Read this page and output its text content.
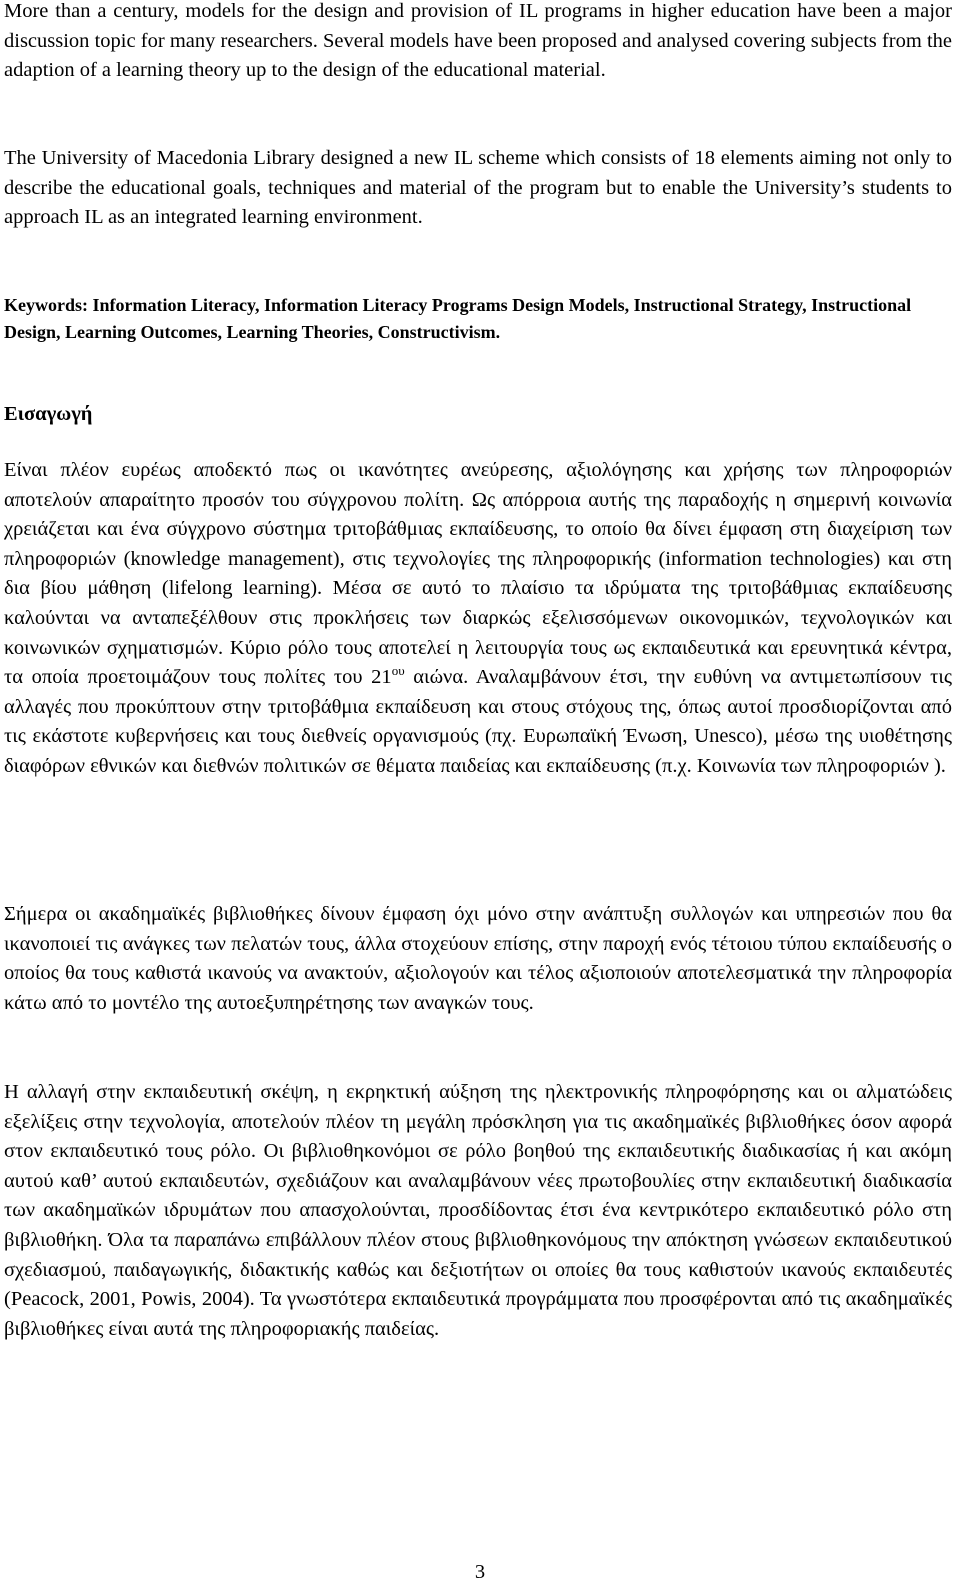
More than a century, models for the design and provision of IL programs in higher education have been a major discussion topic for many researchers. Several models have been proposed and analysed covering subjects from the adaption of a learning theory up to the design of the educational material.

The University of Macedonia Library designed a new IL scheme which consists of 18 elements aiming not only to describe the educational goals, techniques and material of the program but to enable the University’s students to approach IL as an integrated learning environment.

Keywords: Information Literacy, Information Literacy Programs Design Models, Instructional Strategy, Instructional Design, Learning Outcomes, Learning Theories, Constructivism.

Εισαγωγή

Είναι πλέον ευρέως αποδεκτό πως οι ικανότητες ανεύρεσης, αξιολόγησης και χρήσης των πληροφοριών αποτελούν απαραίτητο προσόν του σύγχρονου πολίτη. Ως απόρροια αυτής της παραδοχής η σημερινή κοινωνία χρειάζεται και ένα σύγχρονο σύστημα τριτοβάθμιας εκπαίδευσης, το οποίο θα δίνει έμφαση στη διαχείριση των πληροφοριών (knowledge management), στις τεχνολογίες της πληροφορικής (information technologies) και στη δια βίου μάθηση (lifelong learning). Μέσα σε αυτό το πλαίσιο τα ιδρύματα της τριτοβάθμιας εκπαίδευσης καλούνται να ανταπεξέλθουν στις προκλήσεις των διαρκώς εξελισσόμενων οικονομικών, τεχνολογικών και κοινωνικών σχηματισμών. Κύριο ρόλο τους αποτελεί η λειτουργία τους ως εκπαιδευτικά και ερευνητικά κέντρα, τα οποία προετοιμάζουν τους πολίτες του $21^{o\upsilon}$ αιώνα. Αναλαμβάνουν έτσι, την ευθύνη να αντιμετωπίσουν τις αλλαγές που προκύπτουν στην τριτοβάθμια εκπαίδευση και στους στόχους της, όπως αυτοί προσδιορίζονται από τις εκάστοτε κυβερνήσεις και τους διεθνείς οργανισμούς (πχ. Ευρωπαϊκή Ένωση, Unesco), μέσω της υιοθέτησης διαφόρων εθνικών και διεθνών πολιτικών σε θέματα παιδείας και εκπαίδευσης (π.χ. Κοινωνία των πληροφοριών ).

Σήμερα οι ακαδημαϊκές βιβλιοθήκες δίνουν έμφαση όχι μόνο στην ανάπτυξη συλλογών και υπηρεσιών που θα ικανοποιεί τις ανάγκες των πελατών τους, άλλα στοχεύουν επίσης, στην παροχή ενός τέτοιου τύπου εκπαίδευσής ο οποίος θα τους καθιστά ικανούς να ανακτούν, αξιολογούν και τέλος αξιοποιούν αποτελεσματικά την πληροφορία κάτω από το μοντέλο της αυτοεξυπηρέτησης των αναγκών τους.

Η αλλαγή στην εκπαιδευτική σκέψη, η εκρηκτική αύξηση της ηλεκτρονικής πληροφόρησης και οι αλματώδεις εξελίξεις στην τεχνολογία, αποτελούν πλέον τη μεγάλη πρόσκληση για τις ακαδημαϊκές βιβλιοθήκες όσον αφορά στον εκπαιδευτικό τους ρόλο. Οι βιβλιοθηκονόμοι σε ρόλο βοηθού της εκπαιδευτικής διαδικασίας ή και ακόμη αυτού καθ’ αυτού εκπαιδευτών, σχεδιάζουν και αναλαμβάνουν νέες πρωτοβουλίες στην εκπαιδευτική διαδικασία των ακαδημαϊκών ιδρυμάτων που απασχολούνται, προσδίδοντας έτσι ένα κεντρικότερο εκπαιδευτικό ρόλο στη βιβλιοθήκη. Όλα τα παραπάνω επιβάλλουν πλέον στους βιβλιοθηκονόμους την απόκτηση γνώσεων εκπαιδευτικού σχεδιασμού, παιδαγωγικής, διδακτικής καθώς και δεξιοτήτων οι οποίες θα τους καθιστούν ικανούς εκπαιδευτές (Peacock, 2001, Powis, 2004). Τα γνωστότερα εκπαιδευτικά προγράμματα που προσφέρονται από τις ακαδημαϊκές βιβλιοθήκες είναι αυτά της πληροφοριακής παιδείας.

3
